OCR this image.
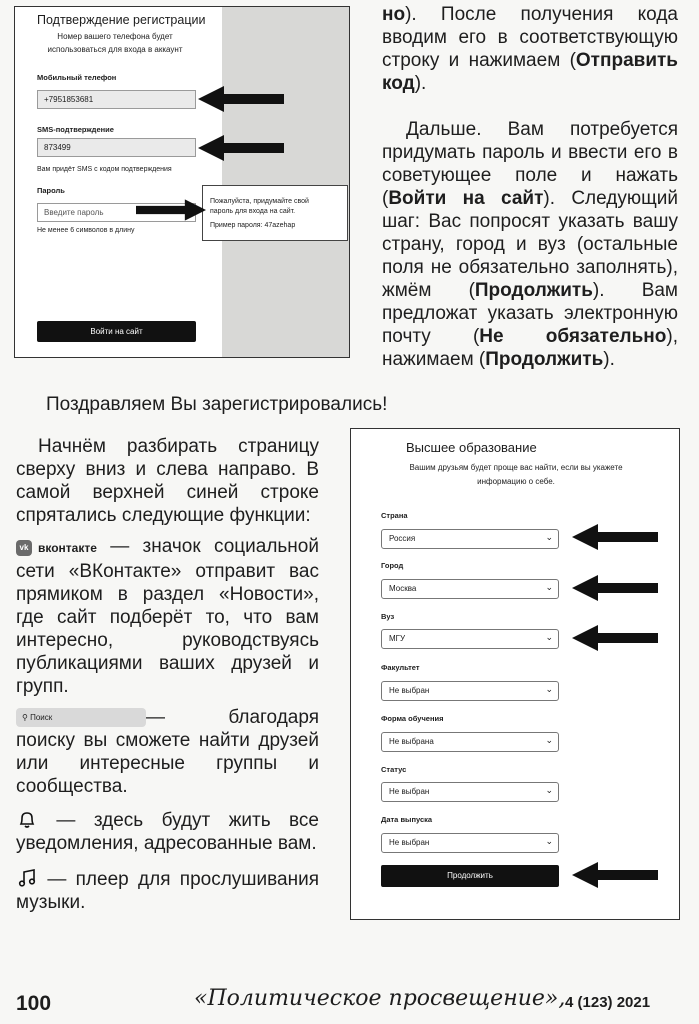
Подтверждение регистрации
Номер вашего телефона будет
использоваться для входа в аккаунт
Мобильный телефон
+7951853681
SMS-подтверждение
873499
Вам придёт SMS с кодом подтверждения
Пароль
Введите пароль
Не менее 6 символов в длину
Пожалуйста, придумайте свой
пароль для входа на сайт.
Пример пароля: 47azehap
Войти на сайт

но). После получения кода вводим его в соответствующую строку и нажимаем (Отправить код).

Дальше. Вам потребуется придумать пароль и ввести его в советующее поле и нажать (Войти на сайт). Следующий шаг: Вас попросят указать вашу страну, город и вуз (остальные поля не обязательно заполнять), жмём (Продолжить). Вам предложат указать электронную почту (Не обязательно), нажимаем (Продолжить).

Поздравляем Вы зарегистрировались!

Начнём разбирать страницу сверху вниз и слева направо. В самой верхней синей строке спрятались следующие функции:

vk вконтакте — значок социальной сети «ВКонтакте» отправит вас прямиком в раздел «Новости», где сайт подберёт то, что вам интересно, руководствуясь публикациями ваших друзей и групп.

⚲ Поиск	— благодаря поиску вы сможете найти друзей или интересные группы и сообщества.

— здесь будут жить все уведомления, адресованные вам.

— плеер для прослушивания музыки.

Высшее образование
Вашим друзьям будет проще вас найти, если вы укажете
информацию о себе.
Страна
Россия	⌄
Город
Москва	⌄
Вуз
МГУ	⌄
Факультет
Не выбран	⌄
Форма обучения
Не выбрана	⌄
Статус
Не выбран	⌄
Дата выпуска
Не выбран	⌄
Продолжить
100	«Политическое просвещение», 4 (123) 2021
